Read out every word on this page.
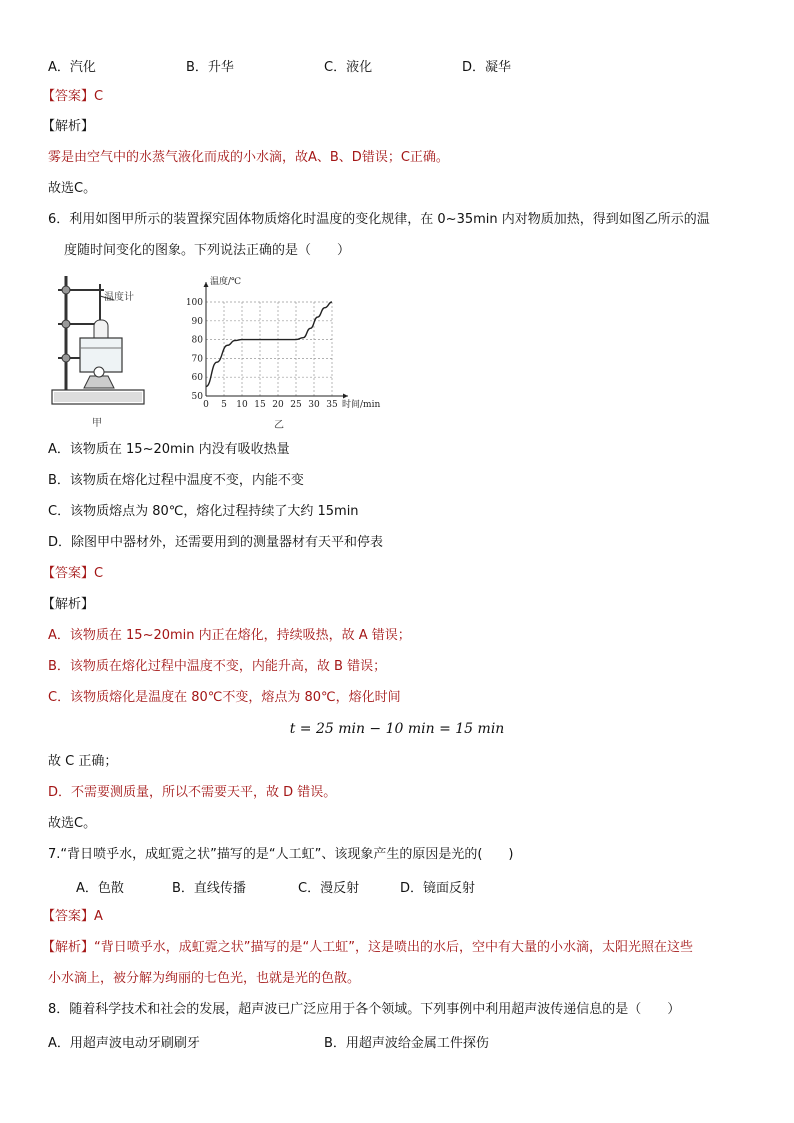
A．汽化	B．升华	C．液化	D．凝华
【答案】C
【解析】
雾是由空气中的水蒸气液化而成的小水滴，故A、B、D错误；C正确。
故选C。
6．利用如图甲所示的装置探究固体物质熔化时温度的变化规律，在 0~35min 内对物质加热，得到如图乙所示的温
度随时间变化的图象。下列说法正确的是（　　）
温度计
甲
0 5 10 15 20 25 30 35
50
60
70
80
90
100
时间/min
温度/℃
乙
A．该物质在 15~20min 内没有吸收热量
B．该物质在熔化过程中温度不变，内能不变
C．该物质熔点为 80℃，熔化过程持续了大约 15min
D．除图甲中器材外，还需要用到的测量器材有天平和停表
【答案】C
【解析】
A．该物质在 15~20min 内正在熔化，持续吸热，故 A 错误；
B．该物质在熔化过程中温度不变，内能升高，故 B 错误；
C．该物质熔化是温度在 80℃不变，熔点为 80℃，熔化时间
t = 25 min − 10 min = 15 min
故 C 正确；
D．不需要测质量，所以不需要天平，故 D 错误。
故选C。
7.“背日喷乎水，成虹霓之状”描写的是“人工虹”、该现象产生的原因是光的(　　)
A．色散	B．直线传播	C．漫反射	D．镜面反射
【答案】A
【解析】“背日喷乎水，成虹霓之状”描写的是“人工虹”，这是喷出的水后，空中有大量的小水滴，太阳光照在这些
小水滴上，被分解为绚丽的七色光，也就是光的色散。
8．随着科学技术和社会的发展，超声波已广泛应用于各个领域。下列事例中利用超声波传递信息的是（　　）
A．用超声波电动牙刷刷牙	B．用超声波给金属工件探伤
